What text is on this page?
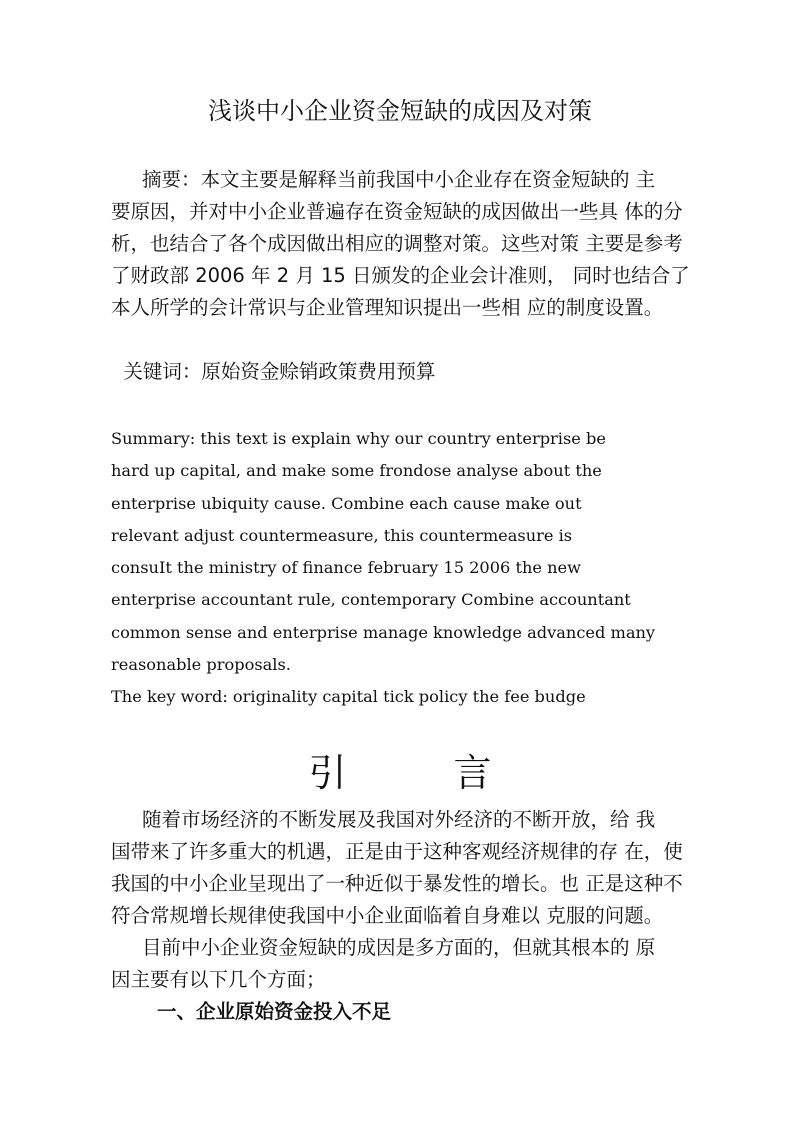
浅谈中小企业资金短缺的成因及对策
摘要：本文主要是解释当前我国中小企业存在资金短缺的 主
要原因，并对中小企业普遍存在资金短缺的成因做出一些具 体的分
析，也结合了各个成因做出相应的调整对策。这些对策 主要是参考
了财政部 2006 年 2 月 15 日颁发的企业会计准则， 同时也结合了
本人所学的会计常识与企业管理知识提出一些相 应的制度设置。
关键词：原始资金赊销政策费用预算
Summary: this text is explain why our country enterprise be
hard up capital, and make some frondose analyse about the
enterprise ubiquity cause. Combine each cause make out
relevant adjust countermeasure, this countermeasure is
consuIt the ministry of finance february 15 2006 the new
enterprise accountant rule, contemporary Combine accountant
common sense and enterprise manage knowledge advanced many
reasonable proposals.
The key word: originality capital tick policy the fee budge
引	言
随着市场经济的不断发展及我国对外经济的不断开放，给 我
国带来了许多重大的机遇，正是由于这种客观经济规律的存 在，使
我国的中小企业呈现出了一种近似于暴发性的增长。也 正是这种不
符合常规增长规律使我国中小企业面临着自身难以 克服的问题。
目前中小企业资金短缺的成因是多方面的，但就其根本的 原
因主要有以下几个方面；
一、企业原始资金投入不足
